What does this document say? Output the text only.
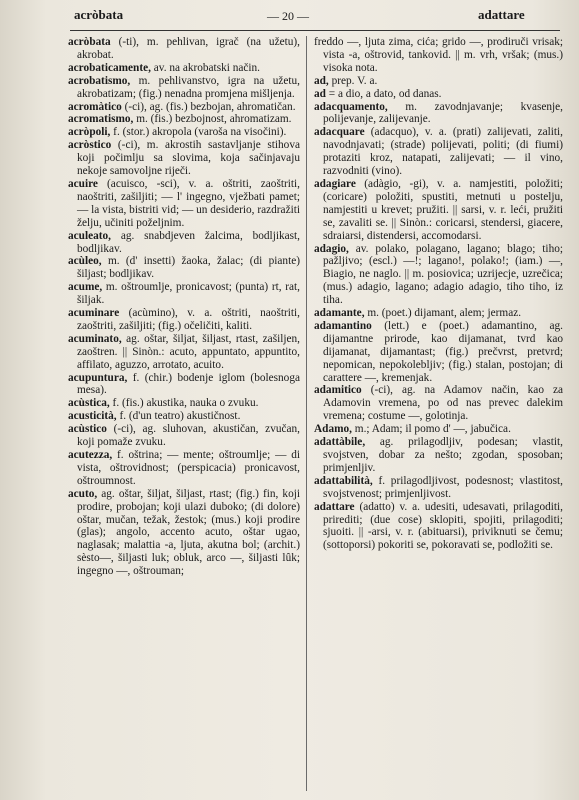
acròbata	— 20 —	adattare

acròbata (-ti), m. pehlivan, igrač (na užetu), akrobat.

acrobaticamente, av. na akrobatski način.

acrobatismo, m. pehlivanstvo, igra na užetu, akrobatizam; (fig.) nenadna promjena mišljenja.

acromàtico (-ci), ag. (fis.) bezbojan, ahromatičan.

acromatismo, m. (fis.) bezbojnost, ahromatizam.

acròpoli, f. (stor.) akropola (varoša na visočini).

acròstico (-ci), m. akrostih sastavljanje stihova koji počimlju sa slovima, koja sačinjavaju nekoje samovoljne riječi.

acuire (acuisco, -sci), v. a. oštriti, zaoštriti, naoštriti, zašiljiti; — l' ingegno, vježbati pamet; — la vista, bistriti vid; — un desiderio, razdražiti želju, učiniti poželjnim.

aculeato, ag. snabdjeven žalcima, bodljikast, bodljikav.

acùleo, m. (d' insetti) žaoka, žalac; (di piante) šiljast; bodljikav.

acume, m. oštroumlje, pronicavost; (punta) rt, rat, šiljak.

acuminare (acùmino), v. a. oštriti, naoštriti, zaoštriti, zašiljiti; (fig.) očeličiti, kaliti.

acuminato, ag. oštar, šiljat, šiljast, rtast, zašiljen, zaoštren. || Sinòn.: acuto, appuntato, appuntito, affilato, aguzzo, arrotato, acuito.

acupuntura, f. (chir.) bodenje iglom (bolesnoga mesa).

acùstica, f. (fis.) akustika, nauka o zvuku.

acusticità, f. (d'un teatro) akustičnost.

acùstico (-ci), ag. sluhovan, akustičan, zvučan, koji pomaže zvuku.

acutezza, f. oštrina; — mente; oštroumlje; — di vista, oštrovidnost; (perspicacia) pronicavost, oštroumnost.

acuto, ag. oštar, šiljat, šiljast, rtast; (fig.) fin, koji prodire, probojan; koji ulazi duboko; (di dolore) oštar, mučan, težak, žestok; (mus.) koji prodire (glas); angolo, accento acuto, oštar ugao, naglasak; malattia -a, ljuta, akutna bol; (archit.) sèsto—, šiljasti luk; obluk, arco —, šiljasti lûk; ingegno —, oštrouman;

freddo —, ljuta zima, cića; grido —, prodiruči vrisak; vista -a, oštrovid, tankovid. || m. vrh, vršak; (mus.) visoka nota.

ad, prep. V. a.

ad = a dio, a dato, od danas.

adacquamento, m. zavodnjavanje; kvasenje, polijevanje, zalijevanje.

adacquare (adacquo), v. a. (prati) zalijevati, zaliti, navodnjavati; (strade) polijevati, politi; (di fiumi) protaziti kroz, natapati, zalijevati; — il vino, razvodniti (vino).

adagiare (adàgio, -gi), v. a. namjestiti, položiti; (coricare) položiti, spustiti, metnuti u postelju, namjestiti u krevet; pružiti. || sarsi, v. r. leći, pružiti se, zavaliti se. || Sinòn.: coricarsi, stendersi, giacere, sdraiarsi, distendersi, accomodarsi.

adagio, av. polako, polagano, lagano; blago; tiho; pažljivo; (escl.) —!; lagano!, polako!; (iam.) —, Biagio, ne naglo. || m. posiovica; uzrijecje, uzrečica; (mus.) adagio, lagano; adagio adagio, tiho tiho, iz tiha.

adamante, m. (poet.) dijamant, alem; jermaz.

adamantino (lett.) e (poet.) adamantino, ag. dijamantne prirode, kao dijamanat, tvrd kao dijamanat, dijamantast; (fig.) prečvrst, pretvrd; nepomican, nepokolebljiv; (fig.) stalan, postojan; di carattere —, kremenjak.

adamitico (-ci), ag. na Adamov način, kao za Adamovin vremena, po od nas prevec dalekim vremena; costume —, golotinja.

Adamo, m.; Adam; il pomo d' —, jabučica.

adattàbile, ag. prilagodljiv, podesan; vlastit, svojstven, dobar za nešto; zgodan, sposoban; primjenljiv.

adattabilità, f. prilagodljivost, podesnost; vlastitost, svojstvenost; primjenljivost.

adattare (adatto) v. a. udesiti, udesavati, prilagoditi, prirediti; (due cose) sklopiti, spojiti, prilagoditi; sjuoiti. || -arsi, v. r. (abituarsi), priviknuti se čemu; (sottoporsi) pokoriti se, pokoravati se, podložiti se.
